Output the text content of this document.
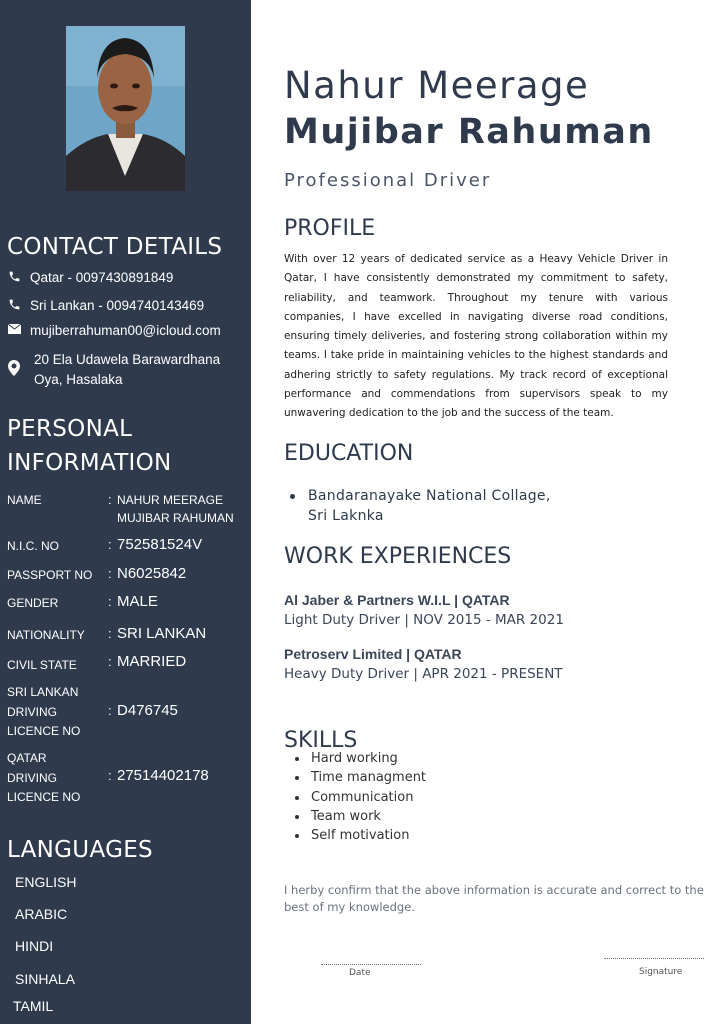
CONTACT DETAILS
Qatar - 0097430891849
Sri Lankan - 0094740143469
mujiberrahuman00@icloud.com
20 Ela Udawela Barawardhana
Oya, Hasalaka
PERSONAL
INFORMATION
NAME	: NAHUR MEERAGE
MUJIBAR RAHUMAN
N.I.C. NO	: 752581524V
PASSPORT NO	: N6025842
GENDER	: MALE
NATIONALITY	: SRI LANKAN
CIVIL STATE	: MARRIED
SRI LANKAN
DRIVING
LICENCE NO
: D476745
QATAR
DRIVING
LICENCE NO
: 27514402178
LANGUAGES
ENGLISH
ARABIC
HINDI
SINHALA
TAMIL
Nahur Meerage
Mujibar Rahuman
Professional Driver
PROFILE

With over 12 years of dedicated service as a Heavy Vehicle Driver in Qatar, I have consistently demonstrated my commitment to safety, reliability, and teamwork. Throughout my tenure with various companies, I have excelled in navigating diverse road conditions, ensuring timely deliveries, and fostering strong collaboration within my teams. I take pride in maintaining vehicles to the highest standards and adhering strictly to safety regulations. My track record of exceptional performance and commendations from supervisors speak to my unwavering dedication to the job and the success of the team.

EDUCATION
Bandaranayake National Collage,
Sri Laknka
WORK EXPERIENCES
Al Jaber & Partners W.I.L | QATAR
Light Duty Driver | NOV 2015 - MAR 2021
Petroserv Limited | QATAR
Heavy Duty Driver | APR 2021 - PRESENT
SKILLS
Hard working
Time managment
Communication
Team work
Self motivation

I herby confirm that the above information is accurate and correct to the best of my knowledge.

Date	Signature
